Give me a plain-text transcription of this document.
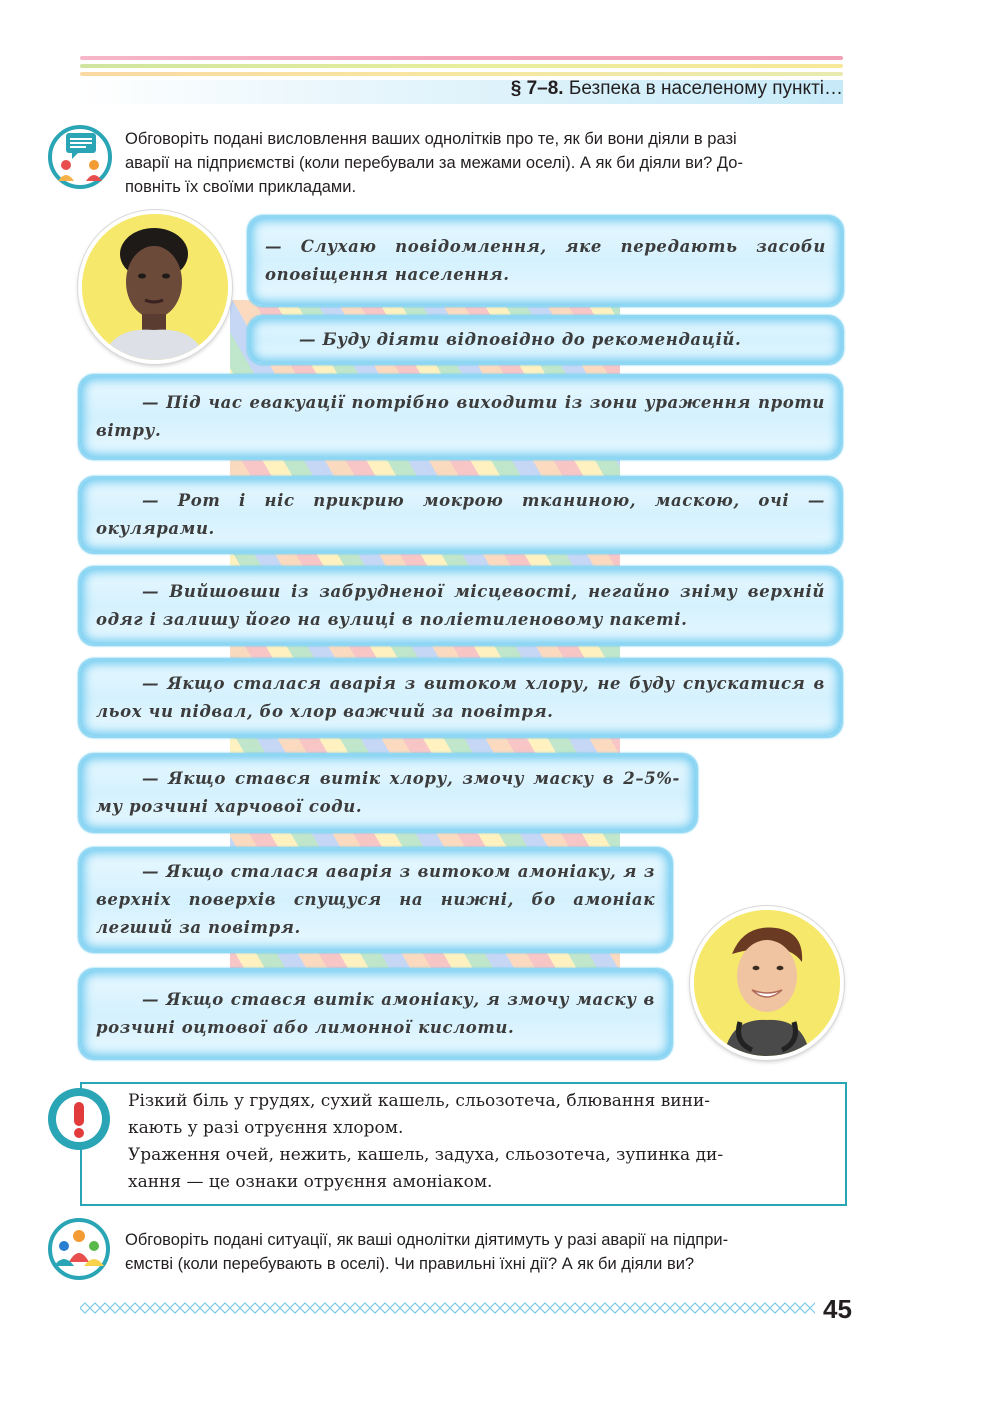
§ 7–8. Безпека в населеному пункті…
Обговоріть подані висловлення ваших однолітків про те, як би вони діяли в разі
аварії на підприємстві (коли перебували за межами оселі). А як би діяли ви? До-
повніть їх своїми прикладами.
— Слухаю повідомлення, яке передають засоби оповіщення населення.
— Буду діяти відповідно до рекомендацій.
— Під час евакуації потрібно виходити із зони ураження проти вітру.
— Рот і ніс прикрию мокрою тканиною, маскою, очі — окулярами.
— Вийшовши із забрудненої місцевості, негайно зніму верхній одяг і залишу його на вулиці в поліетиленовому пакеті.
— Якщо сталася аварія з витоком хлору, не буду спускатися в льох чи підвал, бо хлор важчий за повітря.
— Якщо стався витік хлору, змочу маску в 2–5%-му розчині харчової соди.
— Якщо сталася аварія з витоком амоніаку, я з верхніх поверхів спущуся на нижні, бо амоніак легший за повітря.
— Якщо стався витік амоніаку, я змочу маску в розчині оцтової або лимонної кислоти.
Різкий біль у грудях, сухий кашель, сльозотеча, блювання вини-
кають у разі отруєння хлором.
Ураження очей, нежить, кашель, задуха, сльозотеча, зупинка ди-
хання — це ознаки отруєння амоніаком.
Обговоріть подані ситуації, як ваші однолітки діятимуть у разі аварії на підпри-
ємстві (коли перебувають в оселі). Чи правильні їхні дії? А як би діяли ви?
45
